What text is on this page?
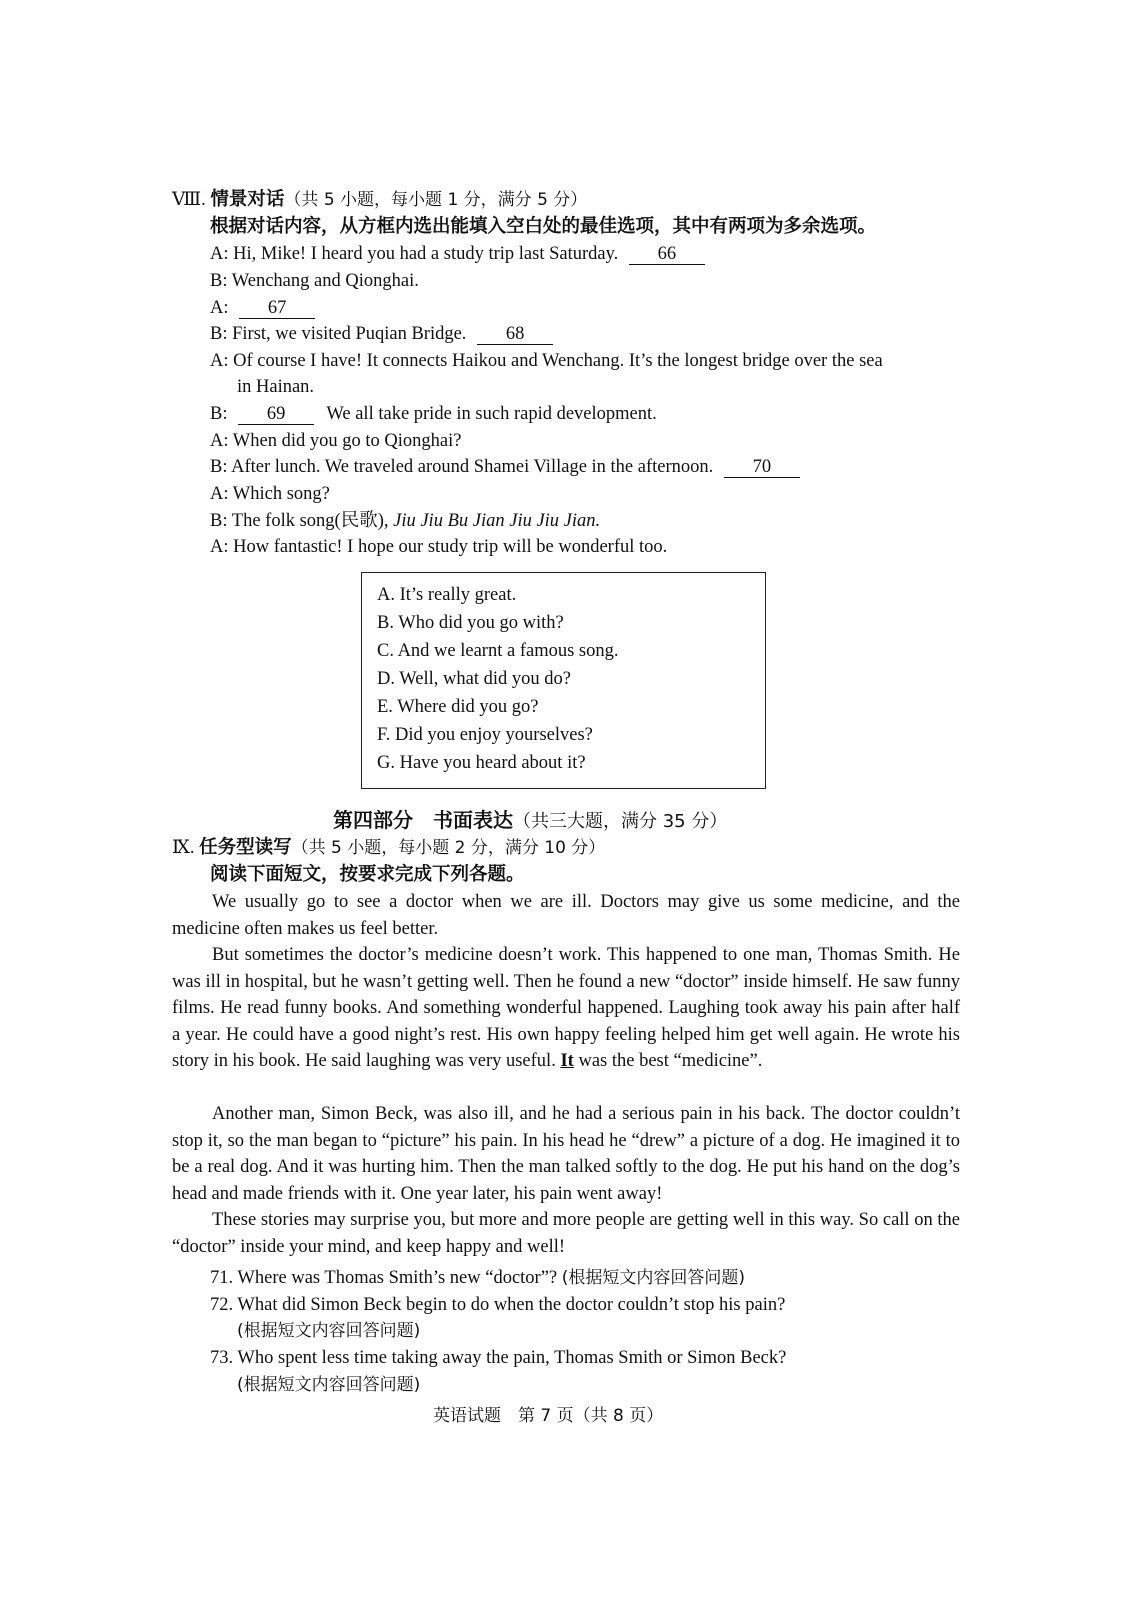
Ⅷ. 情景对话（共 5 小题，每小题 1 分，满分 5 分）
根据对话内容，从方框内选出能填入空白处的最佳选项，其中有两项为多余选项。
A: Hi, Mike! I heard you had a study trip last Saturday. 66
B: Wenchang and Qionghai.
A: 67
B: First, we visited Puqian Bridge. 68
A: Of course I have! It connects Haikou and Wenchang. It’s the longest bridge over the sea
in Hainan.
B: 69 We all take pride in such rapid development.
A: When did you go to Qionghai?
B: After lunch. We traveled around Shamei Village in the afternoon. 70
A: Which song?
B: The folk song(民歌), Jiu Jiu Bu Jian Jiu Jiu Jian.
A: How fantastic! I hope our study trip will be wonderful too.
A. It’s really great.
B. Who did you go with?
C. And we learnt a famous song.
D. Well, what did you do?
E. Where did you go?
F. Did you enjoy yourselves?
G. Have you heard about it?
第四部分　书面表达（共三大题，满分 35 分）
Ⅸ. 任务型读写（共 5 小题，每小题 2 分，满分 10 分）
阅读下面短文，按要求完成下列各题。

We usually go to see a doctor when we are ill. Doctors may give us some medicine, and the medicine often makes us feel better.

But sometimes the doctor’s medicine doesn’t work. This happened to one man, Thomas Smith. He was ill in hospital, but he wasn’t getting well. Then he found a new “doctor” inside himself. He saw funny films. He read funny books. And something wonderful happened. Laughing took away his pain after half a year. He could have a good night’s rest. His own happy feeling helped him get well again. He wrote his story in his book. He said laughing was very useful. It was the best “medicine”.

Another man, Simon Beck, was also ill, and he had a serious pain in his back. The doctor couldn’t stop it, so the man began to “picture” his pain. In his head he “drew” a picture of a dog. He imagined it to be a real dog. And it was hurting him. Then the man talked softly to the dog. He put his hand on the dog’s head and made friends with it. One year later, his pain went away!

These stories may surprise you, but more and more people are getting well in this way. So call on the “doctor” inside your mind, and keep happy and well!

71. Where was Thomas Smith’s new “doctor”? (根据短文内容回答问题)
72. What did Simon Beck begin to do when the doctor couldn’t stop his pain?
(根据短文内容回答问题)
73. Who spent less time taking away the pain, Thomas Smith or Simon Beck?
(根据短文内容回答问题)
英语试题　第 7 页（共 8 页）
